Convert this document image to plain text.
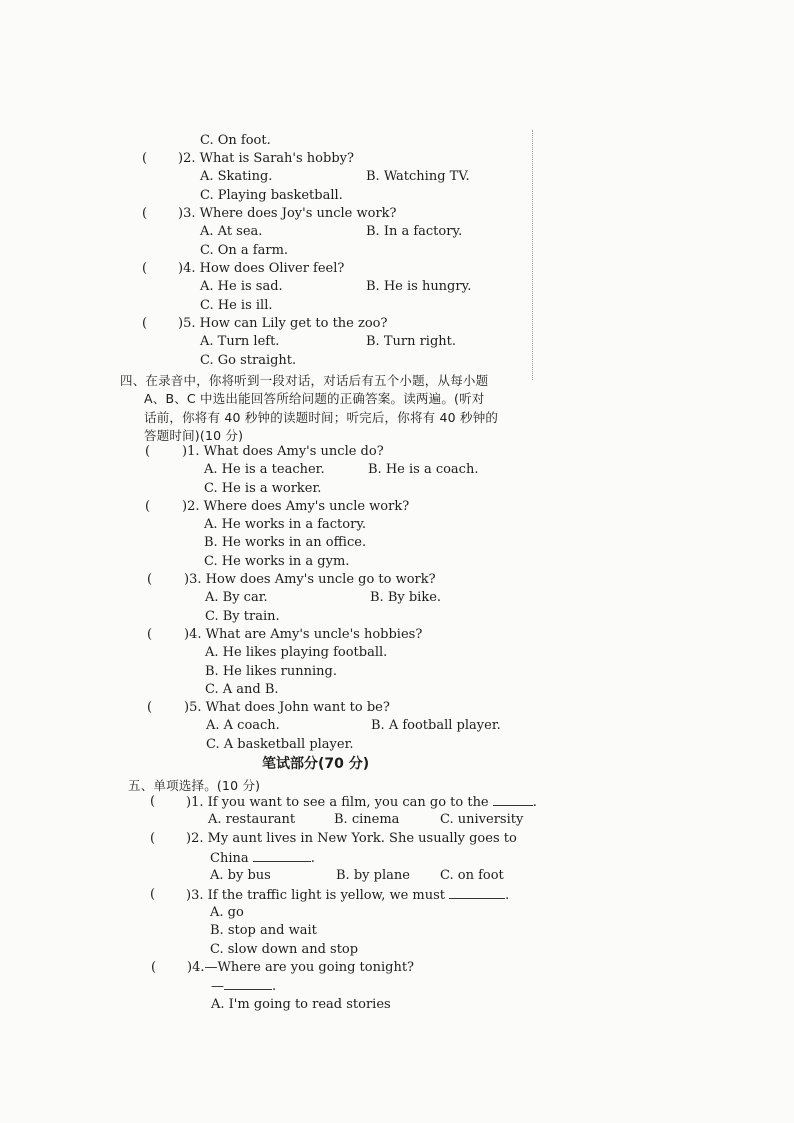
C. On foot.
( )2. What is Sarah's hobby?
A. Skating.	B. Watching TV.
C. Playing basketball.
( )3. Where does Joy's uncle work?
A. At sea.	B. In a factory.
C. On a farm.
( )4. How does Oliver feel?
A. He is sad.	B. He is hungry.
C. He is ill.
( )5. How can Lily get to the zoo?
A. Turn left.	B. Turn right.
C. Go straight.
四、在录音中，你将听到一段对话，对话后有五个小题，从每小题
A、B、C 中选出能回答所给问题的正确答案。读两遍。(听对
话前，你将有 40 秒钟的读题时间；听完后，你将有 40 秒钟的
答题时间)(10 分)
( )1. What does Amy's uncle do?
A. He is a teacher.	B. He is a coach.
C. He is a worker.
( )2. Where does Amy's uncle work?
A. He works in a factory.
B. He works in an office.
C. He works in a gym.
( )3. How does Amy's uncle go to work?
A. By car.	B. By bike.
C. By train.
( )4. What are Amy's uncle's hobbies?
A. He likes playing football.
B. He likes running.
C. A and B.
( )5. What does John want to be?
A. A coach.	B. A football player.
C. A basketball player.
笔试部分(70 分)
五、单项选择。(10 分)
( )1. If you want to see a film, you can go to the	.
A. restaurant	B. cinema	C. university
( )2. My aunt lives in New York. She usually goes to
China	.
A. by bus	B. by plane C. on foot
( )3. If the traffic light is yellow, we must	.
A. go
B. stop and wait
C. slow down and stop
( )4.—Where are you going tonight?
—	.
A. I'm going to read stories
